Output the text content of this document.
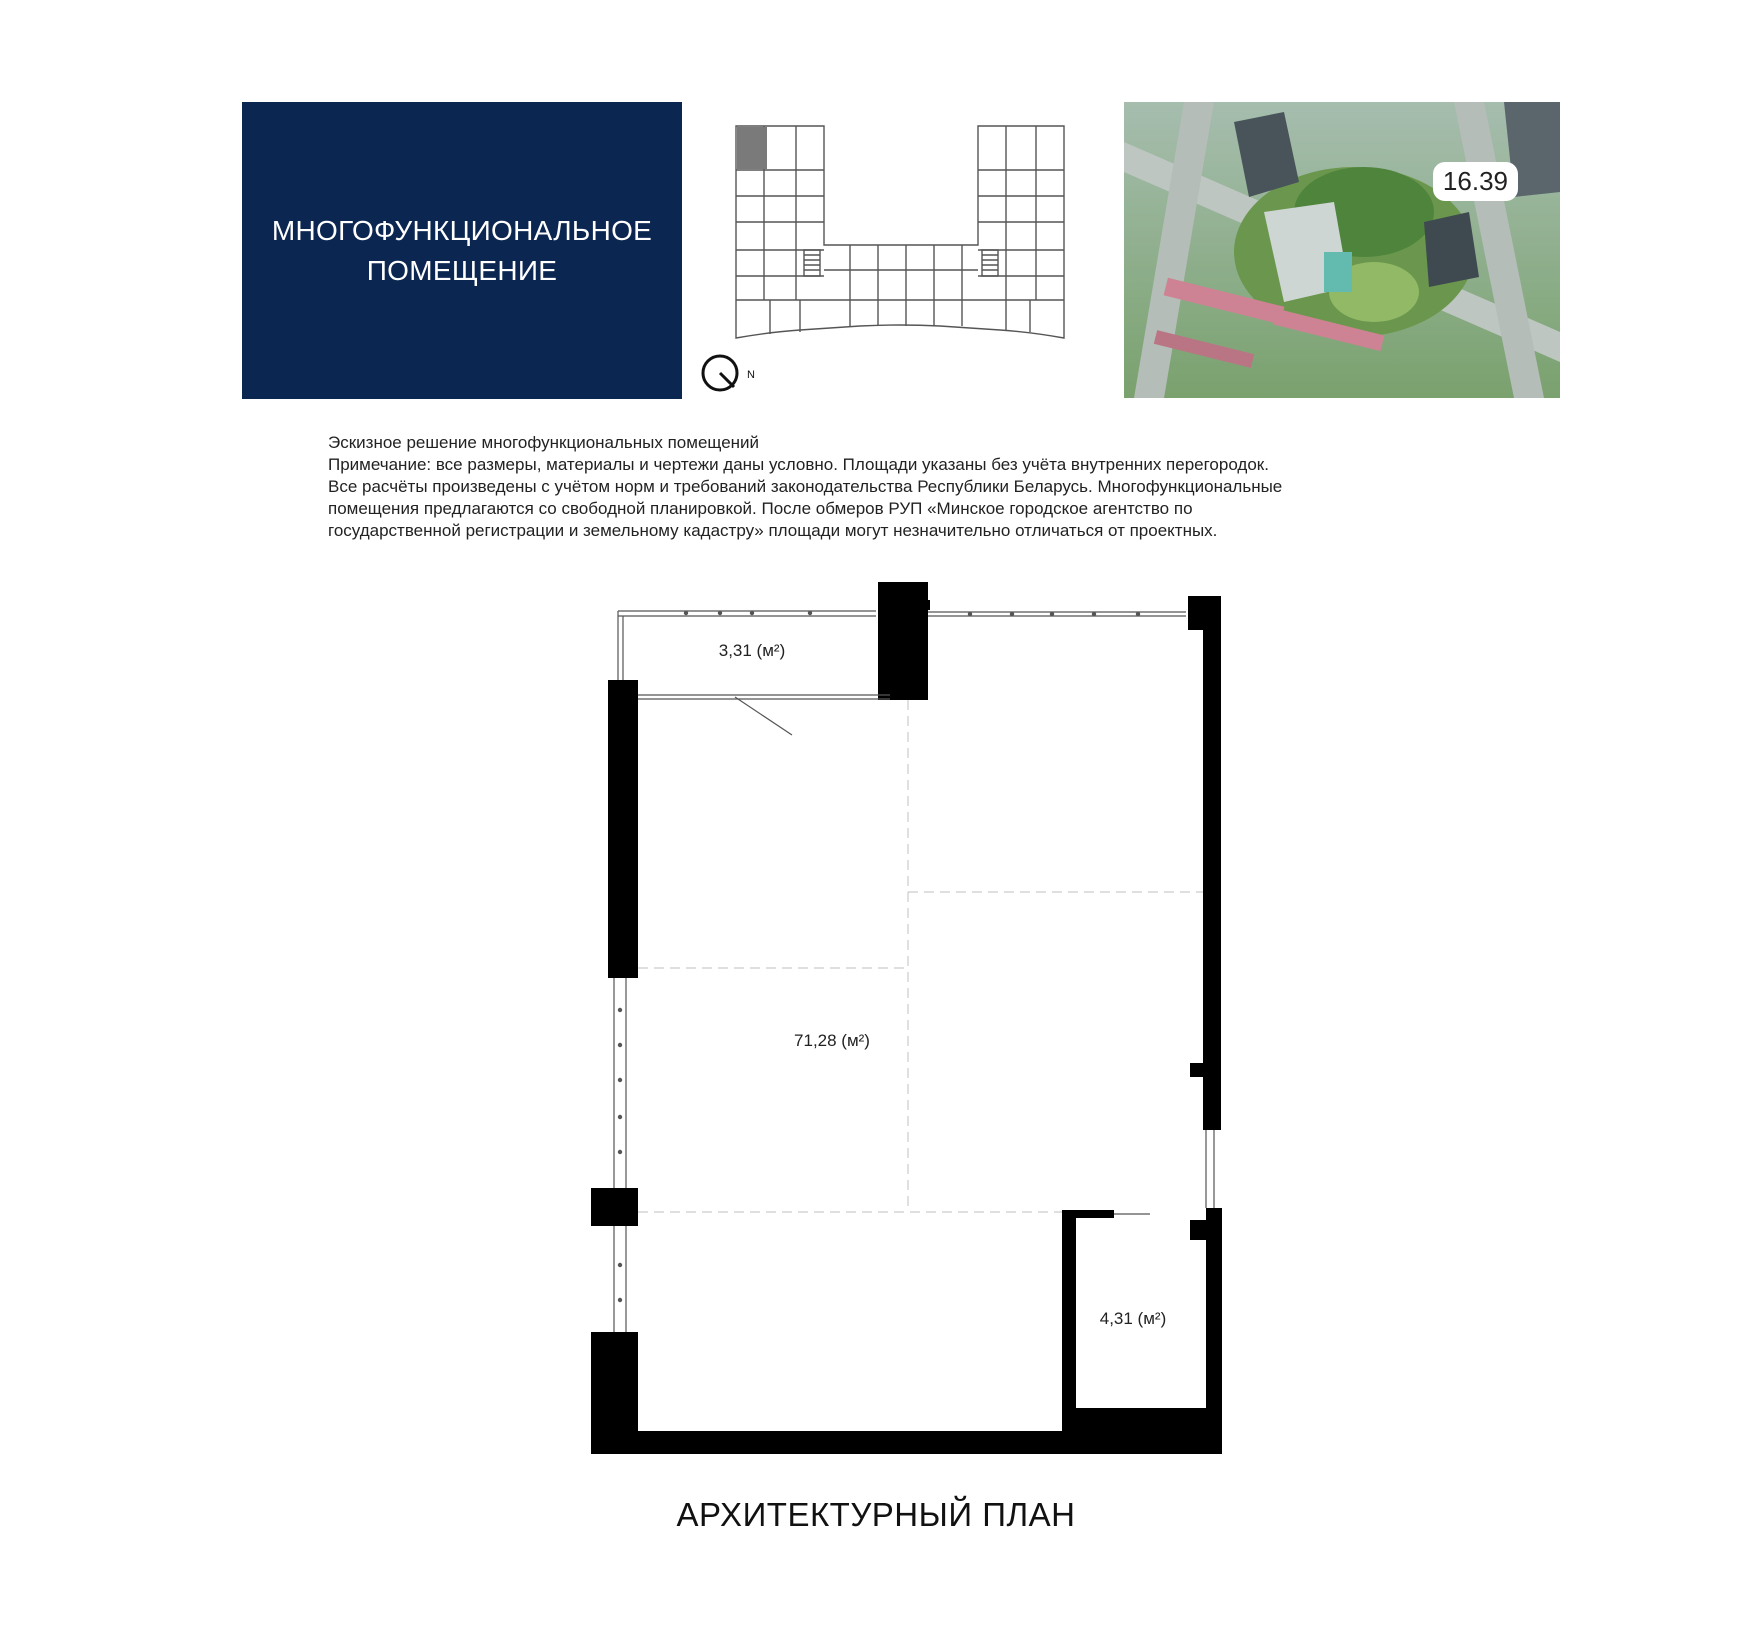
МНОГОФУНКЦИОНАЛЬНОЕ
ПОМЕЩЕНИЕ
N
16.39
Эскизное решение многофункциональных помещений
Примечание: все размеры, материалы и чертежи даны условно. Площади указаны без учёта внутренних перегородок.
Все расчёты произведены с учётом норм и требований законодательства Республики Беларусь. Многофункциональные
помещения предлагаются со свободной планировкой. После обмеров РУП «Минское городское агентство по
государственной регистрации и земельному кадастру» площади могут незначительно отличаться от проектных.
3,31 (м²)
71,28 (м²)
4,31 (м²)
АРХИТЕКТУРНЫЙ ПЛАН
